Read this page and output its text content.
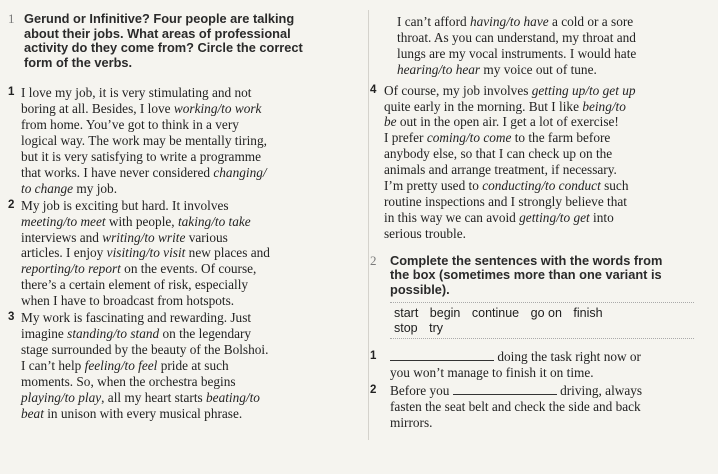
1 Gerund or Infinitive? Four people are talking
about their jobs. What areas of professional
activity do they come from? Circle the correct
form of the verbs.
1 I love my job, it is very stimulating and not
boring at all. Besides, I love working/to work
from home. You’ve got to think in a very
logical way. The work may be mentally tiring,
but it is very satisfying to write a programme
that works. I have never considered changing/
to change my job.
2 My job is exciting but hard. It involves
meeting/to meet with people, taking/to take
interviews and writing/to write various
articles. I enjoy visiting/to visit new places and
reporting/to report on the events. Of course,
there’s a certain element of risk, especially
when I have to broadcast from hotspots.
3 My work is fascinating and rewarding. Just
imagine standing/to stand on the legendary
stage surrounded by the beauty of the Bolshoi.
I can’t help feeling/to feel pride at such
moments. So, when the orchestra begins
playing/to play, all my heart starts beating/to
beat in unison with every musical phrase.
I can’t afford having/to have a cold or a sore
throat. As you can understand, my throat and
lungs are my vocal instruments. I would hate
hearing/to hear my voice out of tune.
4 Of course, my job involves getting up/to get up
quite early in the morning. But I like being/to
be out in the open air. I get a lot of exercise!
I prefer coming/to come to the farm before
anybody else, so that I can check up on the
animals and arrange treatment, if necessary.
I’m pretty used to conducting/to conduct such
routine inspections and I strongly believe that
in this way we can avoid getting/to get into
serious trouble.
2	Complete the sentences with the words from
the box (sometimes more than one variant is
possible).
start begin continue go on finish
stop try
1	doing the task right now or
you won’t manage to finish it on time.
2	Before you	driving, always
fasten the seat belt and check the side and back
mirrors.
